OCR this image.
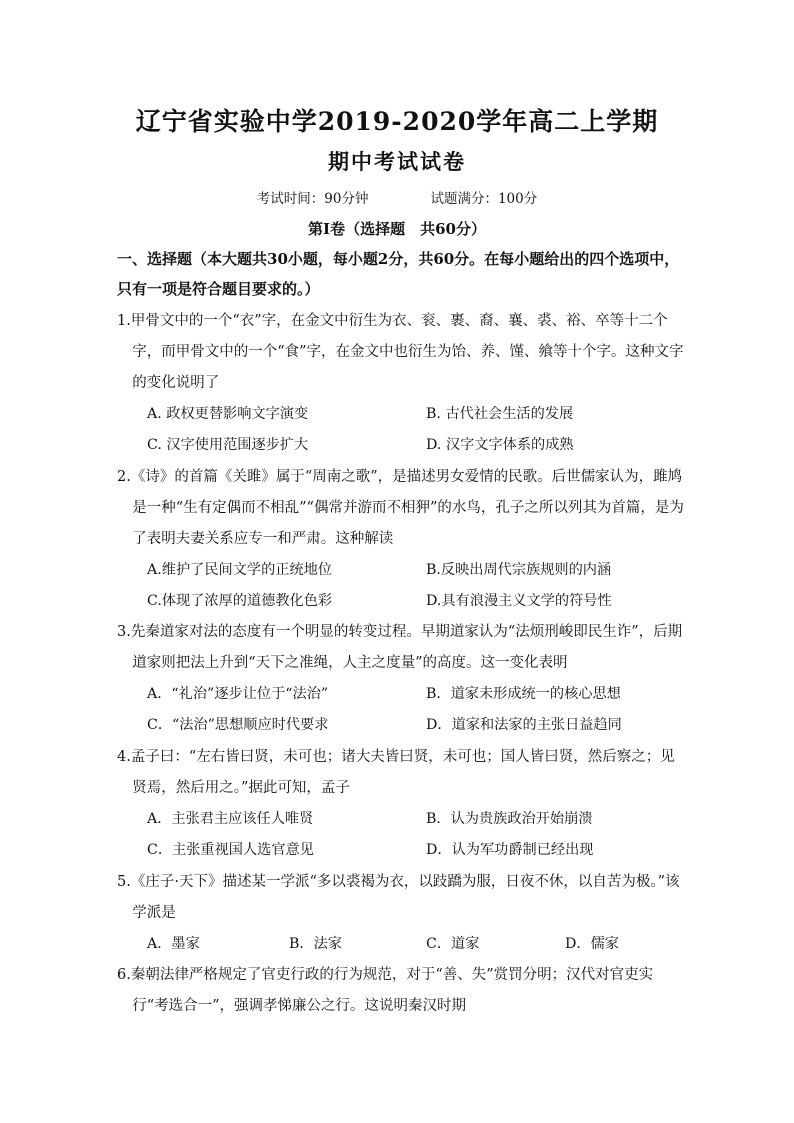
辽宁省实验中学2019-2020学年高二上学期
期中考试试卷
考试时间：90分钟	试题满分：100分
第Ⅰ卷（选择题　共60分）
一、选择题（本大题共30小题，每小题2分，共60分。在每小题给出的四个选项中，只有一项是符合题目要求的。）
1.甲骨文中的一个“衣”字，在金文中衍生为衣、衮、裹、裔、襄、裘、裕、卒等十二个字，而甲骨文中的一个“食”字，在金文中也衍生为饴、养、馑、飨等十个字。这种文字的变化说明了
A. 政权更替影响文字演变	B. 古代社会生活的发展
C. 汉字使用范围逐步扩大	D. 汉字文字体系的成熟
2.《诗》的首篇《关雎》属于“周南之歌”，是描述男女爱情的民歌。后世儒家认为，雎鸠是一种“生有定偶而不相乱”“偶常并游而不相狎”的水鸟，孔子之所以列其为首篇，是为了表明夫妻关系应专一和严肃。这种解读
A.维护了民间文学的正统地位	B.反映出周代宗族规则的内涵
C.体现了浓厚的道德教化色彩	D.具有浪漫主义文学的符号性
3.先秦道家对法的态度有一个明显的转变过程。早期道家认为“法烦刑峻即民生诈”，后期道家则把法上升到“天下之准绳，人主之度量”的高度。这一变化表明
A．“礼治”逐步让位于“法治”	B．道家未形成统一的核心思想
C．“法治”思想顺应时代要求	D．道家和法家的主张日益趋同
4.孟子曰：“左右皆曰贤，未可也；诸大夫皆曰贤，未可也；国人皆曰贤，然后察之；见贤焉，然后用之。”据此可知，孟子
A．主张君主应该任人唯贤	B．认为贵族政治开始崩溃
C．主张重视国人选官意见	D．认为军功爵制已经出现
5.《庄子·天下》描述某一学派“多以裘褐为衣，以跂蹻为服，日夜不休，以自苦为极。”该学派是
A．墨家	B．法家	C．道家	D．儒家
6.秦朝法律严格规定了官吏行政的行为规范，对于“善、失”赏罚分明；汉代对官吏实行“考选合一”，强调孝悌廉公之行。这说明秦汉时期
